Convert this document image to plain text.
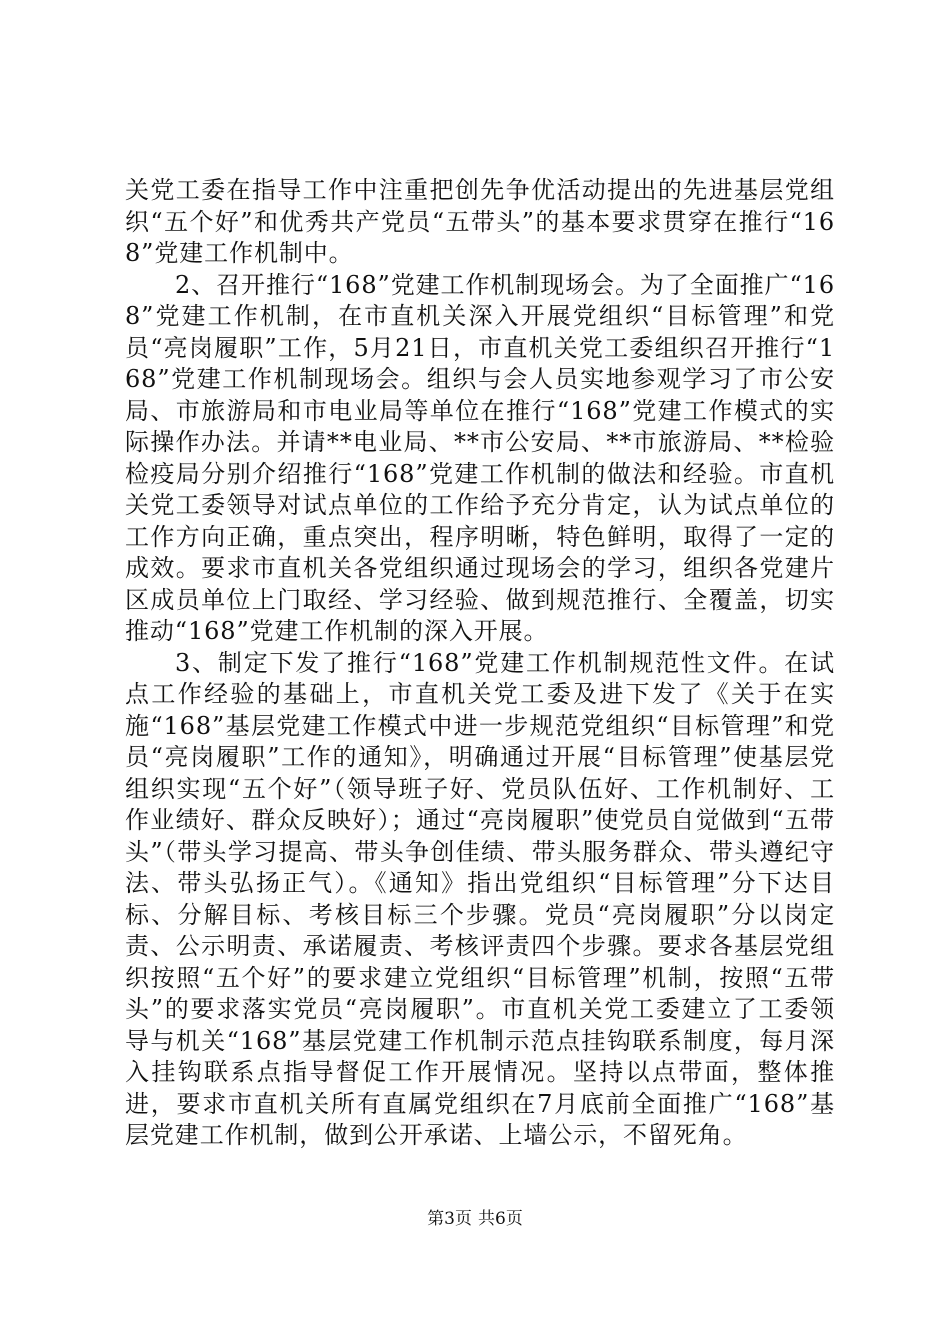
关党工委在指导工作中注重把创先争优活动提出的先进基层党组织“五个好”和优秀共产党员“五带头”的基本要求贯穿在推行“168”党建工作机制中。

2、召开推行“168”党建工作机制现场会。为了全面推广“168”党建工作机制，在市直机关深入开展党组织“目标管理”和党员“亮岗履职”工作，5月21日，市直机关党工委组织召开推行“168”党建工作机制现场会。组织与会人员实地参观学习了市公安局、市旅游局和市电业局等单位在推行“168”党建工作模式的实际操作办法。并请**电业局、**市公安局、**市旅游局、**检验检疫局分别介绍推行“168”党建工作机制的做法和经验。市直机关党工委领导对试点单位的工作给予充分肯定，认为试点单位的工作方向正确，重点突出，程序明晰，特色鲜明，取得了一定的成效。要求市直机关各党组织通过现场会的学习，组织各党建片区成员单位上门取经、学习经验、做到规范推行、全覆盖，切实推动“168”党建工作机制的深入开展。

3、制定下发了推行“168”党建工作机制规范性文件。在试点工作经验的基础上，市直机关党工委及进下发了《关于在实施“168”基层党建工作模式中进一步规范党组织“目标管理”和党员“亮岗履职”工作的通知》，明确通过开展“目标管理”使基层党组织实现“五个好”（领导班子好、党员队伍好、工作机制好、工作业绩好、群众反映好）；通过“亮岗履职”使党员自觉做到“五带头”（带头学习提高、带头争创佳绩、带头服务群众、带头遵纪守法、带头弘扬正气）。《通知》指出党组织“目标管理”分下达目标、分解目标、考核目标三个步骤。党员“亮岗履职”分以岗定责、公示明责、承诺履责、考核评责四个步骤。要求各基层党组织按照“五个好”的要求建立党组织“目标管理”机制，按照“五带头”的要求落实党员“亮岗履职”。市直机关党工委建立了工委领导与机关“168”基层党建工作机制示范点挂钩联系制度，每月深入挂钩联系点指导督促工作开展情况。坚持以点带面，整体推进，要求市直机关所有直属党组织在7月底前全面推广“168”基层党建工作机制，做到公开承诺、上墙公示，不留死角。

第3页 共6页
